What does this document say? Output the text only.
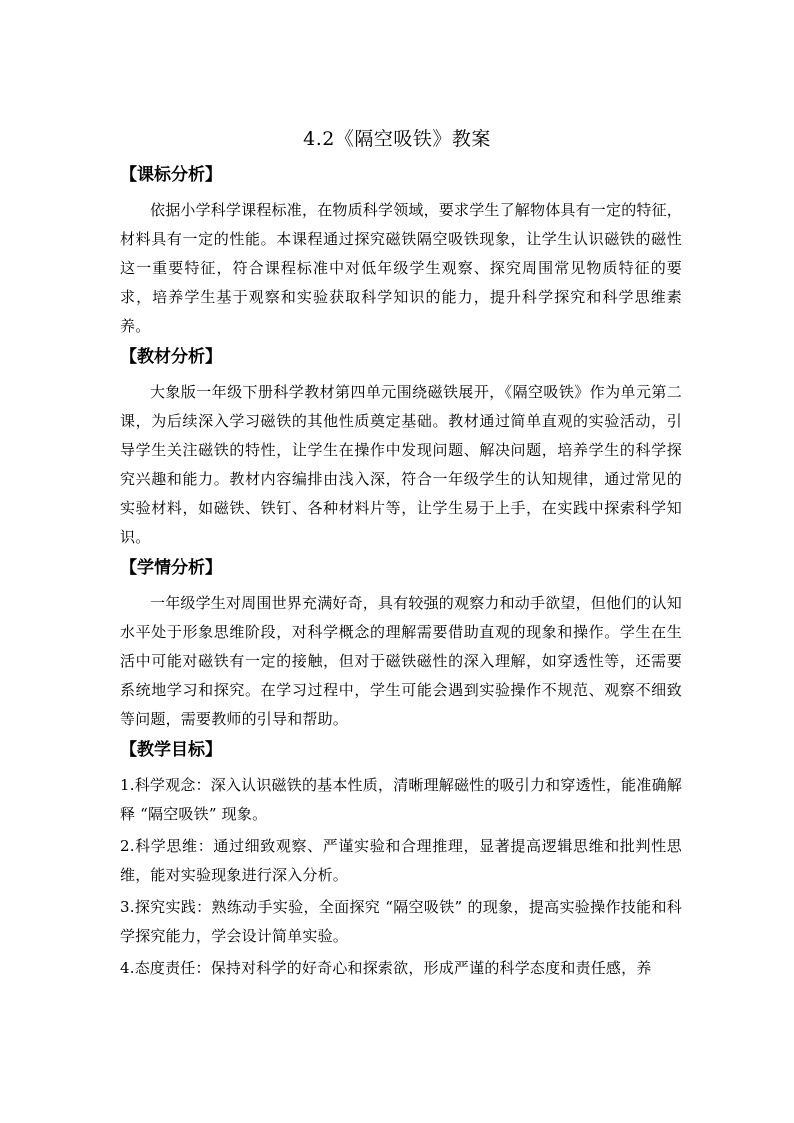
4.2《隔空吸铁》教案
【课标分析】

依据小学科学课程标准，在物质科学领域，要求学生了解物体具有一定的特征，材料具有一定的性能。本课程通过探究磁铁隔空吸铁现象，让学生认识磁铁的磁性这一重要特征，符合课程标准中对低年级学生观察、探究周围常见物质特征的要求，培养学生基于观察和实验获取科学知识的能力，提升科学探究和科学思维素养。

【教材分析】

大象版一年级下册科学教材第四单元围绕磁铁展开，《隔空吸铁》作为单元第二课，为后续深入学习磁铁的其他性质奠定基础。教材通过简单直观的实验活动，引导学生关注磁铁的特性，让学生在操作中发现问题、解决问题，培养学生的科学探究兴趣和能力。教材内容编排由浅入深，符合一年级学生的认知规律，通过常见的实验材料，如磁铁、铁钉、各种材料片等，让学生易于上手，在实践中探索科学知识。

【学情分析】

一年级学生对周围世界充满好奇，具有较强的观察力和动手欲望，但他们的认知水平处于形象思维阶段，对科学概念的理解需要借助直观的现象和操作。学生在生活中可能对磁铁有一定的接触，但对于磁铁磁性的深入理解，如穿透性等，还需要系统地学习和探究。在学习过程中，学生可能会遇到实验操作不规范、观察不细致等问题，需要教师的引导和帮助。

【教学目标】

1.科学观念：深入认识磁铁的基本性质，清晰理解磁性的吸引力和穿透性，能准确解释 “隔空吸铁” 现象。

2.科学思维：通过细致观察、严谨实验和合理推理，显著提高逻辑思维和批判性思维，能对实验现象进行深入分析。

3.探究实践：熟练动手实验，全面探究 “隔空吸铁” 的现象，提高实验操作技能和科学探究能力，学会设计简单实验。

4.态度责任：保持对科学的好奇心和探索欲，形成严谨的科学态度和责任感，养
